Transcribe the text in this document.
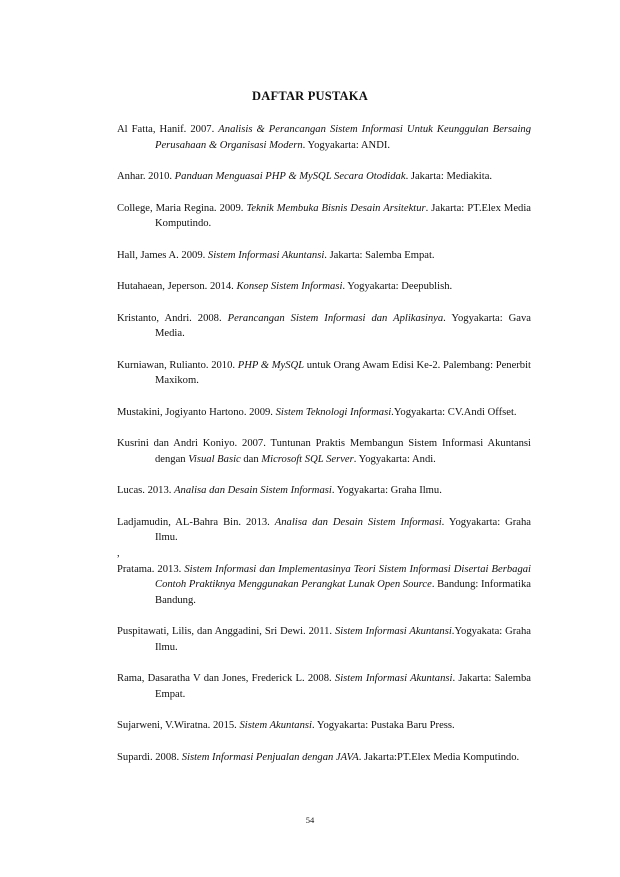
DAFTAR PUSTAKA

Al Fatta, Hanif. 2007. Analisis & Perancangan Sistem Informasi Untuk Keunggulan Bersaing Perusahaan & Organisasi Modern. Yogyakarta: ANDI.

Anhar. 2010. Panduan Menguasai PHP & MySQL Secara Otodidak. Jakarta: Mediakita.

College, Maria Regina. 2009. Teknik Membuka Bisnis Desain Arsitektur. Jakarta: PT.Elex Media Komputindo.

Hall, James A. 2009. Sistem Informasi Akuntansi. Jakarta: Salemba Empat.

Hutahaean, Jeperson. 2014. Konsep Sistem Informasi. Yogyakarta: Deepublish.

Kristanto, Andri. 2008. Perancangan Sistem Informasi dan Aplikasinya. Yogyakarta: Gava Media.

Kurniawan, Rulianto. 2010. PHP & MySQL untuk Orang Awam Edisi Ke-2. Palembang: Penerbit Maxikom.

Mustakini, Jogiyanto Hartono. 2009. Sistem Teknologi Informasi.Yogyakarta: CV.Andi Offset.

Kusrini dan Andri Koniyo. 2007. Tuntunan Praktis Membangun Sistem Informasi Akuntansi dengan Visual Basic dan Microsoft SQL Server. Yogyakarta: Andi.

Lucas. 2013. Analisa dan Desain Sistem Informasi. Yogyakarta: Graha Ilmu.

Ladjamudin, AL-Bahra Bin. 2013. Analisa dan Desain Sistem Informasi. Yogyakarta: Graha Ilmu.

,

Pratama. 2013. Sistem Informasi dan Implementasinya Teori Sistem Informasi Disertai Berbagai Contoh Praktiknya Menggunakan Perangkat Lunak Open Source. Bandung: Informatika Bandung.

Puspitawati, Lilis, dan Anggadini, Sri Dewi. 2011. Sistem Informasi Akuntansi.Yogyakata: Graha Ilmu.

Rama, Dasaratha V dan Jones, Frederick L. 2008. Sistem Informasi Akuntansi. Jakarta: Salemba Empat.

Sujarweni, V.Wiratna. 2015. Sistem Akuntansi. Yogyakarta: Pustaka Baru Press.

Supardi. 2008. Sistem Informasi Penjualan dengan JAVA. Jakarta:PT.Elex Media Komputindo.

54
